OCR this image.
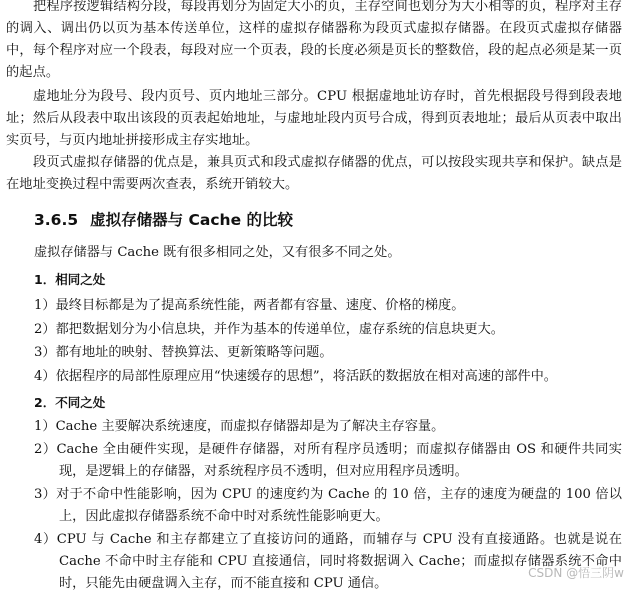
把程序按逻辑结构分段，每段再划分为固定大小的页，主存空间也划分为大小相等的页，程序对主存的调入、调出仍以页为基本传送单位，这样的虚拟存储器称为段页式虚拟存储器。在段页式虚拟存储器中，每个程序对应一个段表，每段对应一个页表，段的长度必须是页长的整数倍，段的起点必须是某一页的起点。
虚地址分为段号、段内页号、页内地址三部分。CPU 根据虚地址访存时，首先根据段号得到段表地址；然后从段表中取出该段的页表起始地址，与虚地址段内页号合成，得到页表地址；最后从页表中取出实页号，与页内地址拼接形成主存实地址。
段页式虚拟存储器的优点是，兼具页式和段式虚拟存储器的优点，可以按段实现共享和保护。缺点是在地址变换过程中需要两次查表，系统开销较大。
3.6.5 虚拟存储器与 Cache 的比较
虚拟存储器与 Cache 既有很多相同之处，又有很多不同之处。
1．相同之处
1）最终目标都是为了提高系统性能，两者都有容量、速度、价格的梯度。
2）都把数据划分为小信息块，并作为基本的传递单位，虚存系统的信息块更大。
3）都有地址的映射、替换算法、更新策略等问题。
4）依据程序的局部性原理应用“快速缓存的思想”，将活跃的数据放在相对高速的部件中。
2．不同之处
1）Cache 主要解决系统速度，而虚拟存储器却是为了解决主存容量。
2）Cache 全由硬件实现，是硬件存储器，对所有程序员透明；而虚拟存储器由 OS 和硬件共同实现，是逻辑上的存储器，对系统程序员不透明，但对应用程序员透明。
3）对于不命中性能影响，因为 CPU 的速度约为 Cache 的 10 倍，主存的速度为硬盘的 100 倍以上，因此虚拟存储器系统不命中时对系统性能影响更大。
4）CPU 与 Cache 和主存都建立了直接访问的通路，而辅存与 CPU 没有直接通路。也就是说在 Cache 不命中时主存能和 CPU 直接通信，同时将数据调入 Cache；而虚拟存储器系统不命中时，只能先由硬盘调入主存，而不能直接和 CPU 通信。
CSDN @悟三阴w
